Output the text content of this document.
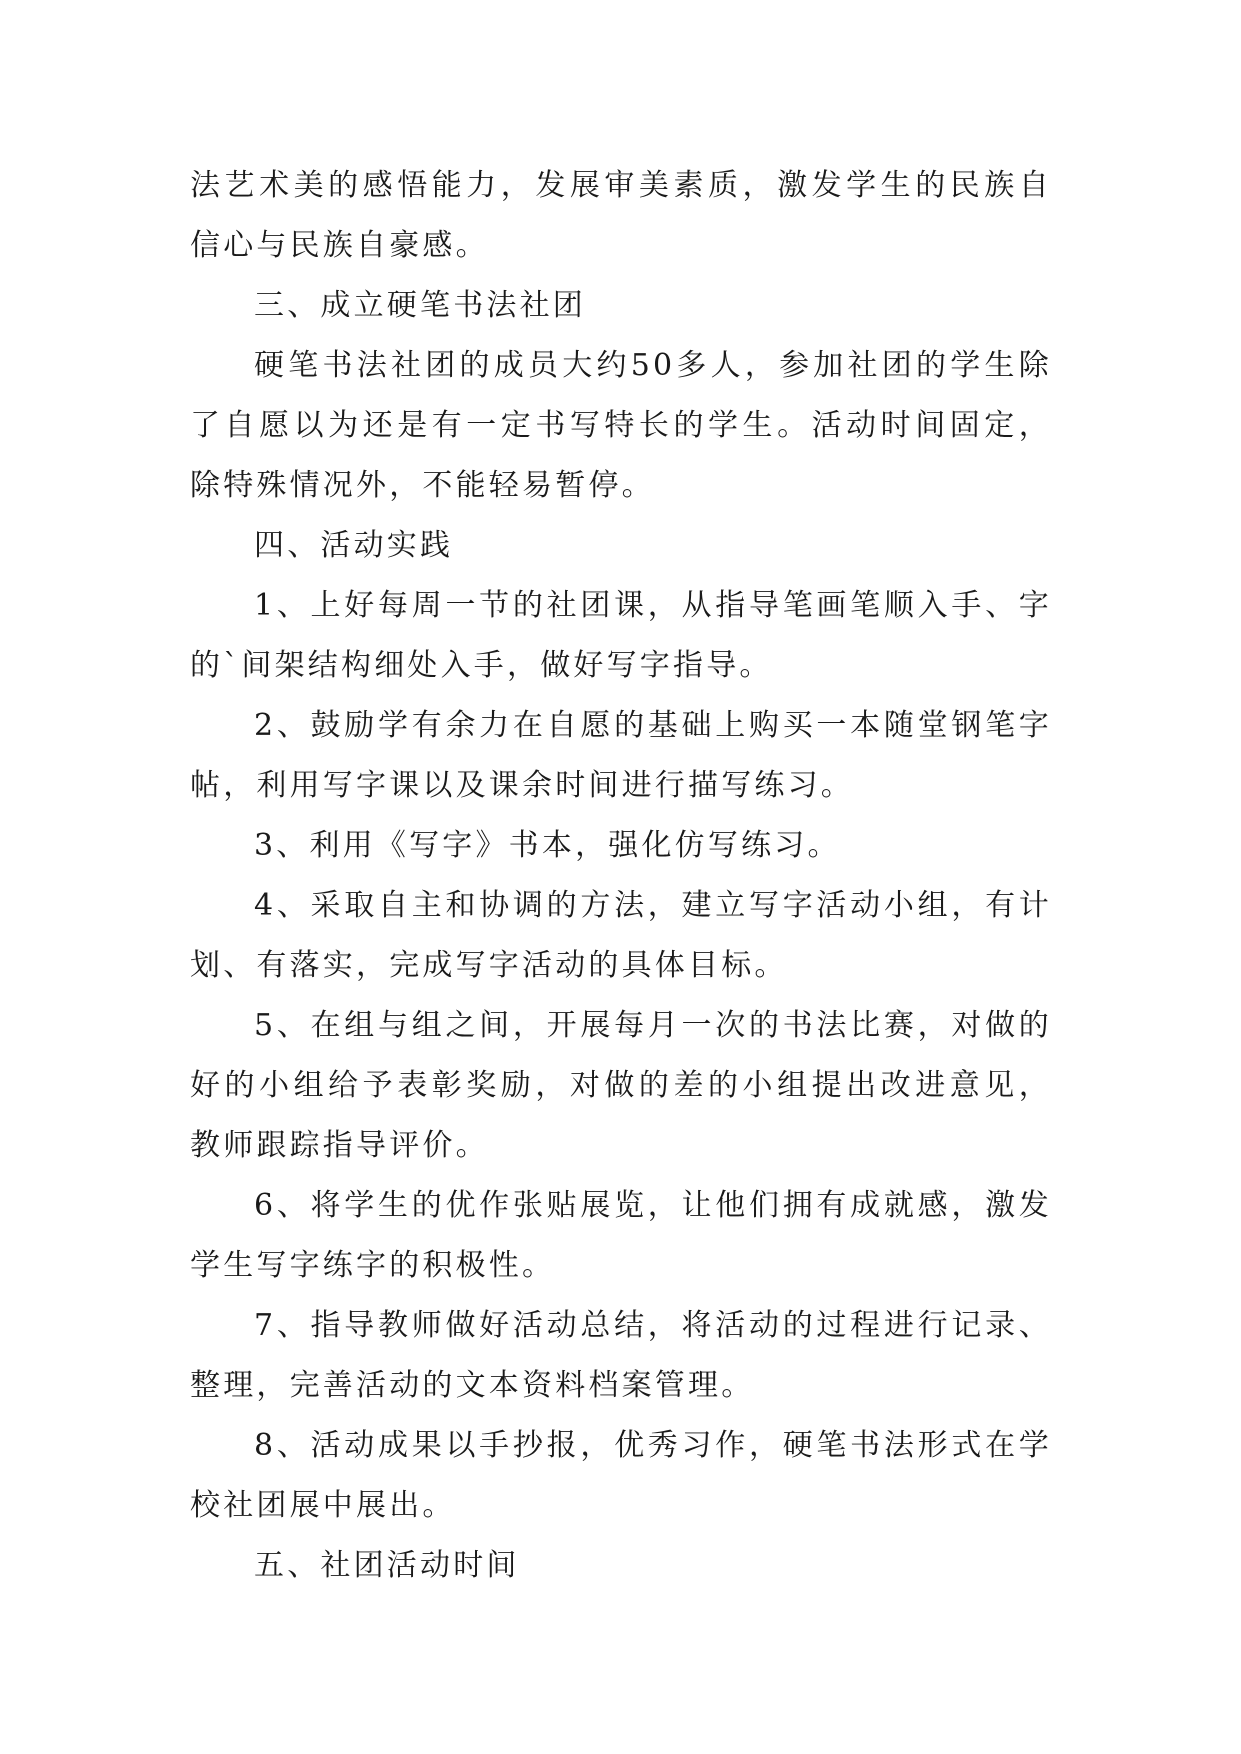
法艺术美的感悟能力，发展审美素质，激发学生的民族自信心与民族自豪感。

三、成立硬笔书法社团

硬笔书法社团的成员大约50多人，参加社团的学生除了自愿以为还是有一定书写特长的学生。活动时间固定，除特殊情况外，不能轻易暂停。

四、活动实践

1、上好每周一节的社团课，从指导笔画笔顺入手、字的`间架结构细处入手，做好写字指导。

2、鼓励学有余力在自愿的基础上购买一本随堂钢笔字帖，利用写字课以及课余时间进行描写练习。

3、利用《写字》书本，强化仿写练习。

4、采取自主和协调的方法，建立写字活动小组，有计划、有落实，完成写字活动的具体目标。

5、在组与组之间，开展每月一次的书法比赛，对做的好的小组给予表彰奖励，对做的差的小组提出改进意见，教师跟踪指导评价。

6、将学生的优作张贴展览，让他们拥有成就感，激发学生写字练字的积极性。

7、指导教师做好活动总结，将活动的过程进行记录、整理，完善活动的文本资料档案管理。

8、活动成果以手抄报，优秀习作，硬笔书法形式在学校社团展中展出。

五、社团活动时间
